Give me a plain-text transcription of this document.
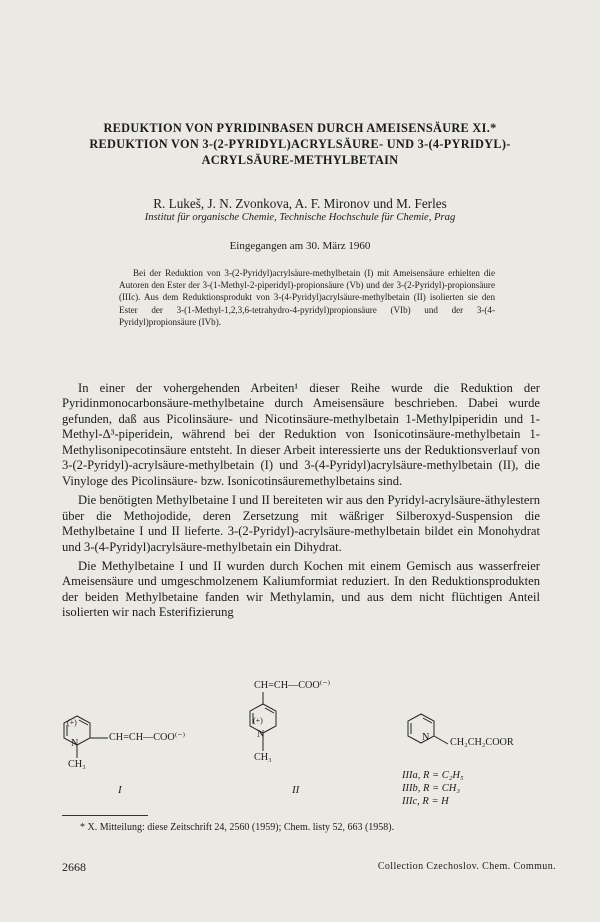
REDUKTION VON PYRIDINBASEN DURCH AMEISENSÄURE XI.*
REDUKTION VON 3-(2-PYRIDYL)ACRYLSÄURE- UND 3-(4-PYRIDYL)-
ACRYLSÄURE-METHYLBETAIN
R. Lukeš, J. N. Zvonkova, A. F. Mironov und M. Ferles
Institut für organische Chemie, Technische Hochschule für Chemie, Prag
Eingegangen am 30. März 1960

Bei der Reduktion von 3-(2-Pyridyl)acrylsäure-methylbetain (I) mit Ameisensäure erhielten die Autoren den Ester der 3-(1-Methyl-2-piperidyl)-propionsäure (Vb) und der 3-(2-Pyridyl)-propionsäure (IIIc). Aus dem Reduktionsprodukt von 3-(4-Pyridyl)acrylsäure-methylbetain (II) isolierten sie den Ester der 3-(1-Methyl-1,2,3,6-tetrahydro-4-pyridyl)propionsäure (VIb) und der 3-(4-Pyridyl)propionsäure (IVb).

In einer der vohergehenden Arbeiten¹ dieser Reihe wurde die Reduktion der Pyridinmonocarbonsäure-methylbetaine durch Ameisensäure beschrieben. Dabei wurde gefunden, daß aus Picolinsäure- und Nicotinsäure-methylbetain 1-Methylpiperidin und 1-Methyl-Δ³-piperidein, während bei der Reduktion von Isonicotinsäure-methylbetain 1-Methylisonipecotinsäure entsteht. In dieser Arbeit interessierte uns der Reduktionsverlauf von 3-(2-Pyridyl)-acrylsäure-methylbetain (I) und 3-(4-Pyridyl)acrylsäure-methylbetain (II), die Vinyloge des Picolinsäure- bzw. Isonicotinsäuremethylbetains sind.

Die benötigten Methylbetaine I und II bereiteten wir aus den Pyridyl-acrylsäure-äthylestern über die Methojodide, deren Zersetzung mit wäßriger Silberoxyd-Suspension die Methylbetaine I und II lieferte. 3-(2-Pyridyl)-acrylsäure-methylbetain bildet ein Monohydrat und 3-(4-Pyridyl)acrylsäure-methylbetain ein Dihydrat.

Die Methylbetaine I und II wurden durch Kochen mit einem Gemisch aus wasserfreier Ameisensäure und umgeschmolzenem Kaliumformiat reduziert. In den Reduktionsprodukten der beiden Methylbetaine fanden wir Methylamin, und aus dem nicht flüchtigen Anteil isolierten wir nach Esterifizierung

(+)
N
CH=CH—COO⁽⁻⁾
CH₃
I
CH=CH—COO⁽⁻⁾
(+)
N
CH₃
II
N CH₂CH₂COOR
IIIa, R = C₂H₅
IIIb, R = CH₃
IIIc, R = H
* X. Mitteilung: diese Zeitschrift 24, 2560 (1959); Chem. listy 52, 663 (1958).
2668	Collection Czechoslov. Chem. Commun.
